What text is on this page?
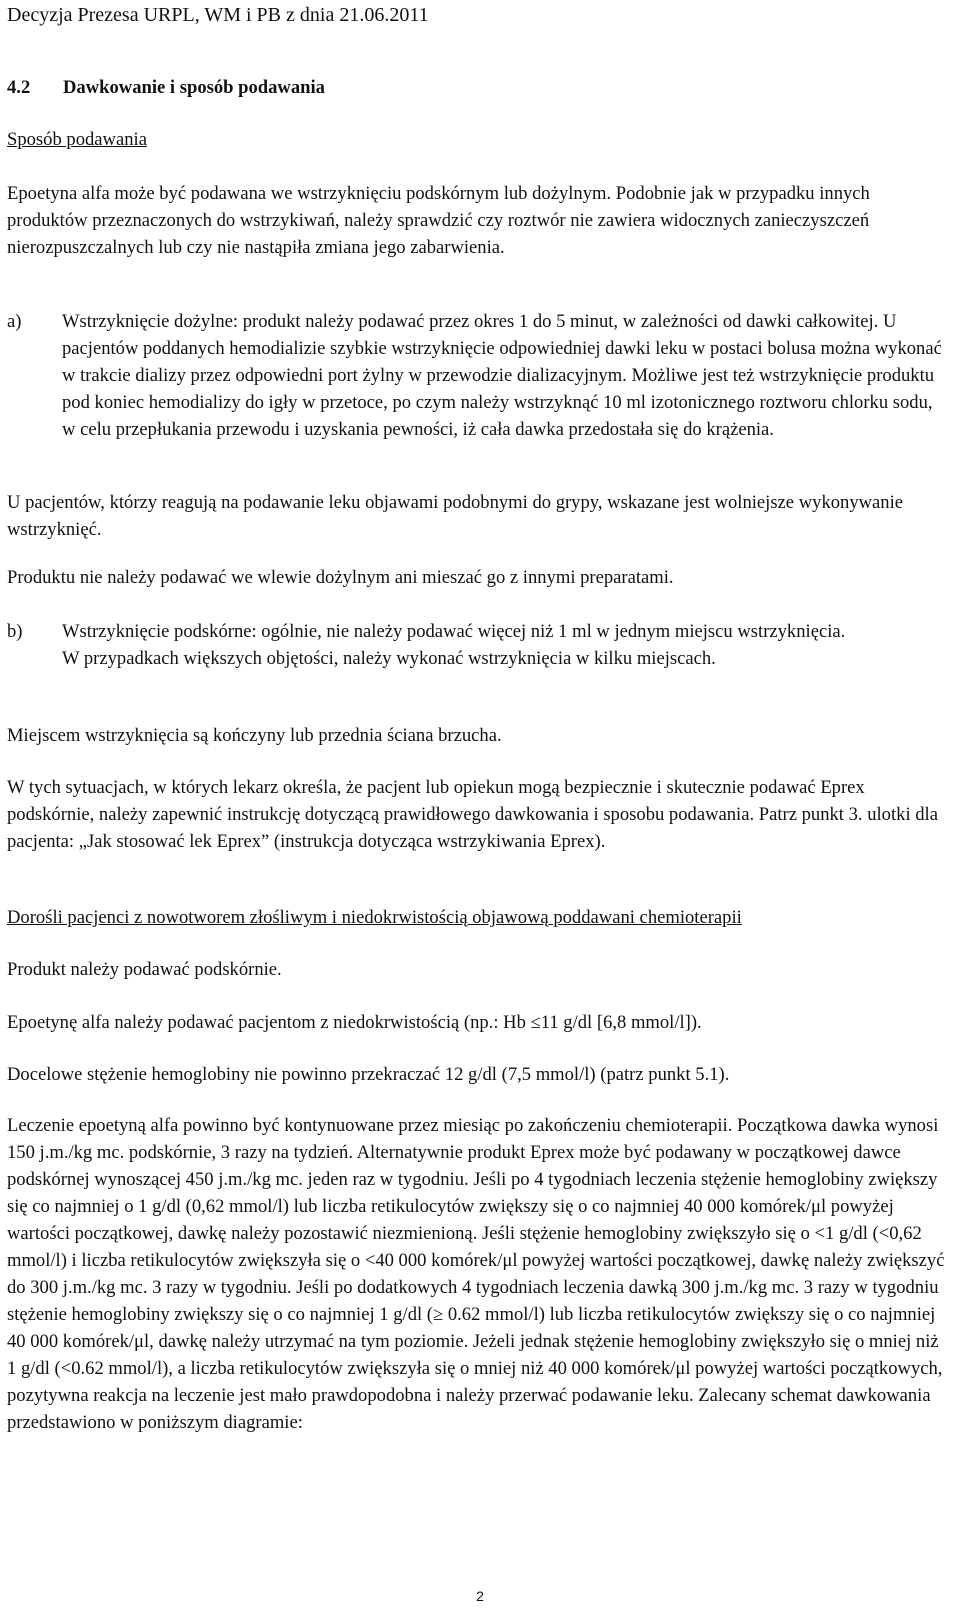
Decyzja Prezesa URPL, WM i PB z dnia 21.06.2011
4.2 Dawkowanie i sposób podawania

Sposób podawania

Epoetyna alfa może być podawana we wstrzyknięciu podskórnym lub dożylnym. Podobnie jak w przypadku innych produktów przeznaczonych do wstrzykiwań, należy sprawdzić czy roztwór nie zawiera widocznych zanieczyszczeń nierozpuszczalnych lub czy nie nastąpiła zmiana jego zabarwienia.

a) Wstrzyknięcie dożylne: produkt należy podawać przez okres 1 do 5 minut, w zależności od dawki całkowitej. U pacjentów poddanych hemodializie szybkie wstrzyknięcie odpowiedniej dawki leku w postaci bolusa można wykonać w trakcie dializy przez odpowiedni port żylny w przewodzie dializacyjnym. Możliwe jest też wstrzyknięcie produktu pod koniec hemodializy do igły w przetoce, po czym należy wstrzyknąć 10 ml izotonicznego roztworu chlorku sodu, w celu przepłukania przewodu i uzyskania pewności, iż cała dawka przedostała się do krążenia.

U pacjentów, którzy reagują na podawanie leku objawami podobnymi do grypy, wskazane jest wolniejsze wykonywanie wstrzyknięć.

Produktu nie należy podawać we wlewie dożylnym ani mieszać go z innymi preparatami.

b) Wstrzyknięcie podskórne: ogólnie, nie należy podawać więcej niż 1 ml w jednym miejscu wstrzyknięcia.
W przypadkach większych objętości, należy wykonać wstrzyknięcia w kilku miejscach.

Miejscem wstrzyknięcia są kończyny lub przednia ściana brzucha.

W tych sytuacjach, w których lekarz określa, że pacjent lub opiekun mogą bezpiecznie i skutecznie podawać Eprex podskórnie, należy zapewnić instrukcję dotyczącą prawidłowego dawkowania i sposobu podawania. Patrz punkt 3. ulotki dla pacjenta: „Jak stosować lek Eprex” (instrukcja dotycząca wstrzykiwania Eprex).

Dorośli pacjenci z nowotworem złośliwym i niedokrwistością objawową poddawani chemioterapii

Produkt należy podawać podskórnie.

Epoetynę alfa należy podawać pacjentom z niedokrwistością (np.: Hb ≤11 g/dl [6,8 mmol/l]).

Docelowe stężenie hemoglobiny nie powinno przekraczać 12 g/dl (7,5 mmol/l) (patrz punkt 5.1).

Leczenie epoetyną alfa powinno być kontynuowane przez miesiąc po zakończeniu chemioterapii. Początkowa dawka wynosi 150 j.m./kg mc. podskórnie, 3 razy na tydzień. Alternatywnie produkt Eprex może być podawany w początkowej dawce podskórnej wynoszącej 450 j.m./kg mc. jeden raz w tygodniu. Jeśli po 4 tygodniach leczenia stężenie hemoglobiny zwiększy się co najmniej o 1 g/dl (0,62 mmol/l) lub liczba retikulocytów zwiększy się o co najmniej 40 000 komórek/μl powyżej wartości początkowej, dawkę należy pozostawić niezmienioną. Jeśli stężenie hemoglobiny zwiększyło się o <1 g/dl (<0,62 mmol/l) i liczba retikulocytów zwiększyła się o <40 000 komórek/μl powyżej wartości początkowej, dawkę należy zwiększyć do 300 j.m./kg mc. 3 razy w tygodniu. Jeśli po dodatkowych 4 tygodniach leczenia dawką 300 j.m./kg mc. 3 razy w tygodniu stężenie hemoglobiny zwiększy się o co najmniej 1 g/dl (≥ 0.62 mmol/l) lub liczba retikulocytów zwiększy się o co najmniej 40 000 komórek/μl, dawkę należy utrzymać na tym poziomie. Jeżeli jednak stężenie hemoglobiny zwiększyło się o mniej niż 1 g/dl (<0.62 mmol/l), a liczba retikulocytów zwiększyła się o mniej niż 40 000 komórek/μl powyżej wartości początkowych, pozytywna reakcja na leczenie jest mało prawdopodobna i należy przerwać podawanie leku. Zalecany schemat dawkowania przedstawiono w poniższym diagramie:

2
